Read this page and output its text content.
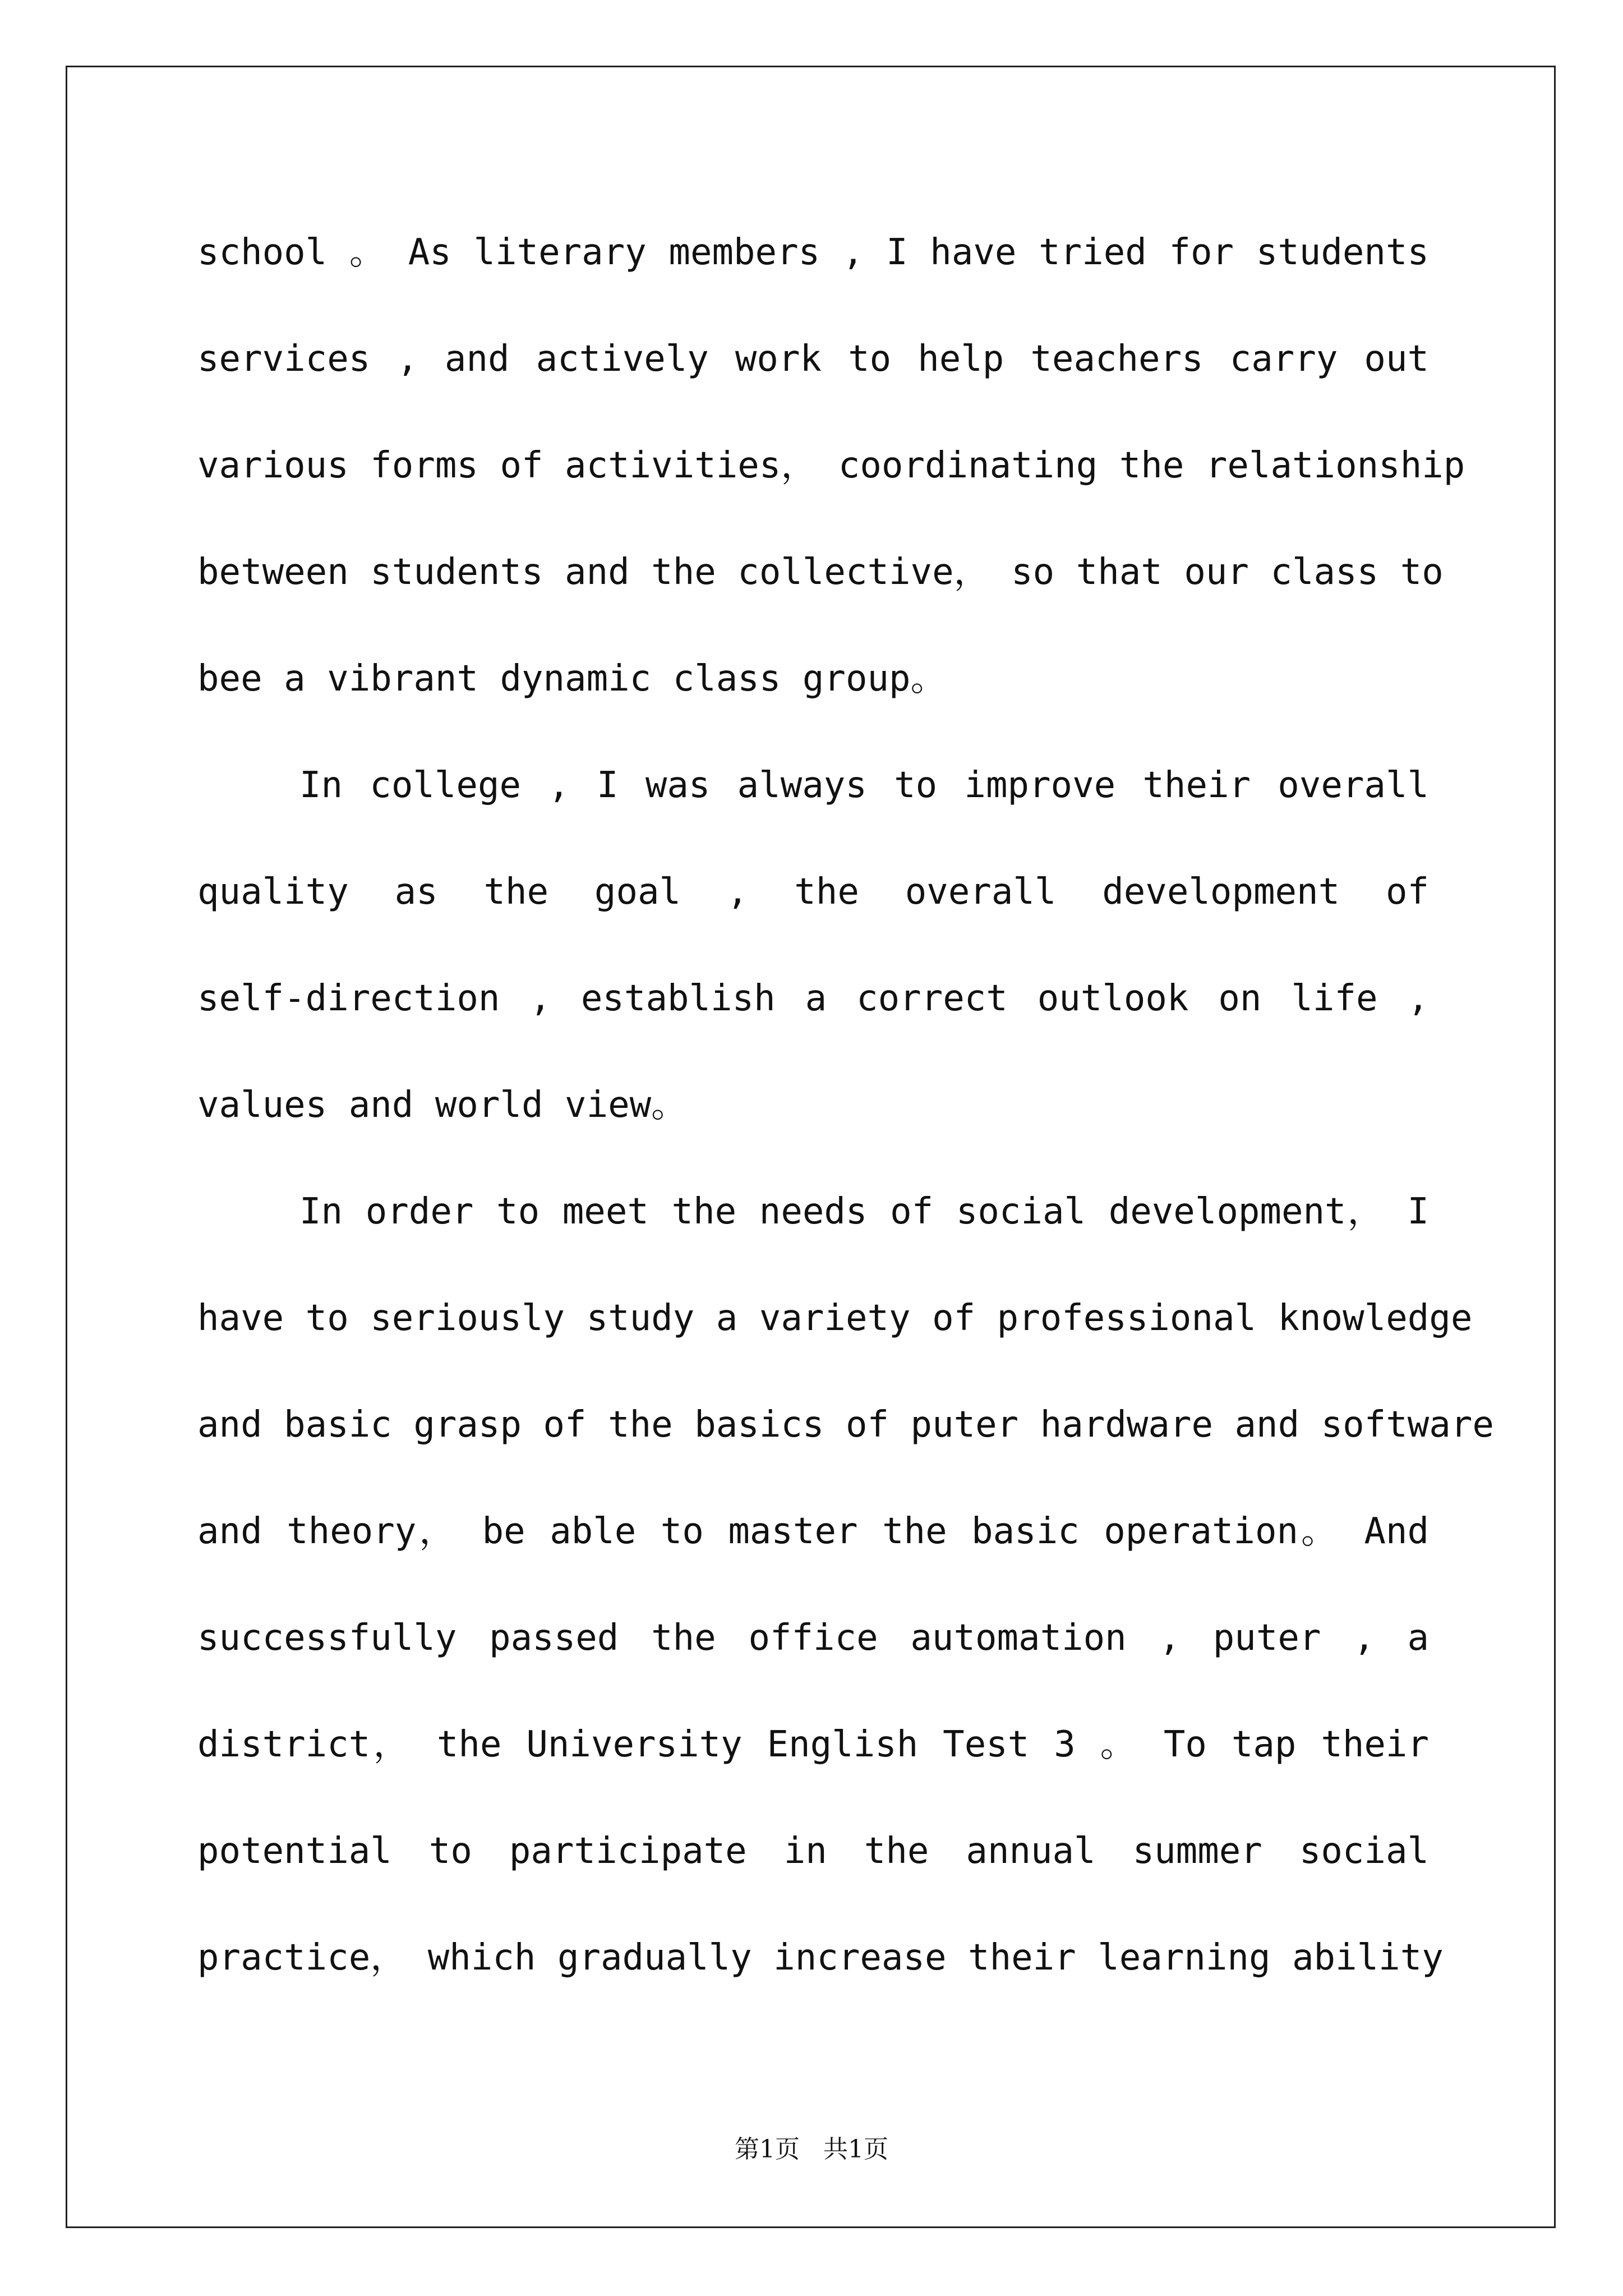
school 。 As literary members , I have tried for students
services , and actively work to help teachers carry out
various forms of activities， coordinating the relationship
between students and the collective， so that our class to
bee a vibrant dynamic class group。
In college , I was always to improve their overall
quality as the goal , the overall development of
self-direction , establish a correct outlook on life ,
values and world view。
In order to meet the needs of social development， I
have to seriously study a variety of professional knowledge
and basic grasp of the basics of puter hardware and software
and theory， be able to master the basic operation。 And
successfully passed the office automation , puter , a
district， the University English Test 3 。 To tap their
potential to participate in the annual summer social
practice， which gradually increase their learning ability
第1页   共1页
